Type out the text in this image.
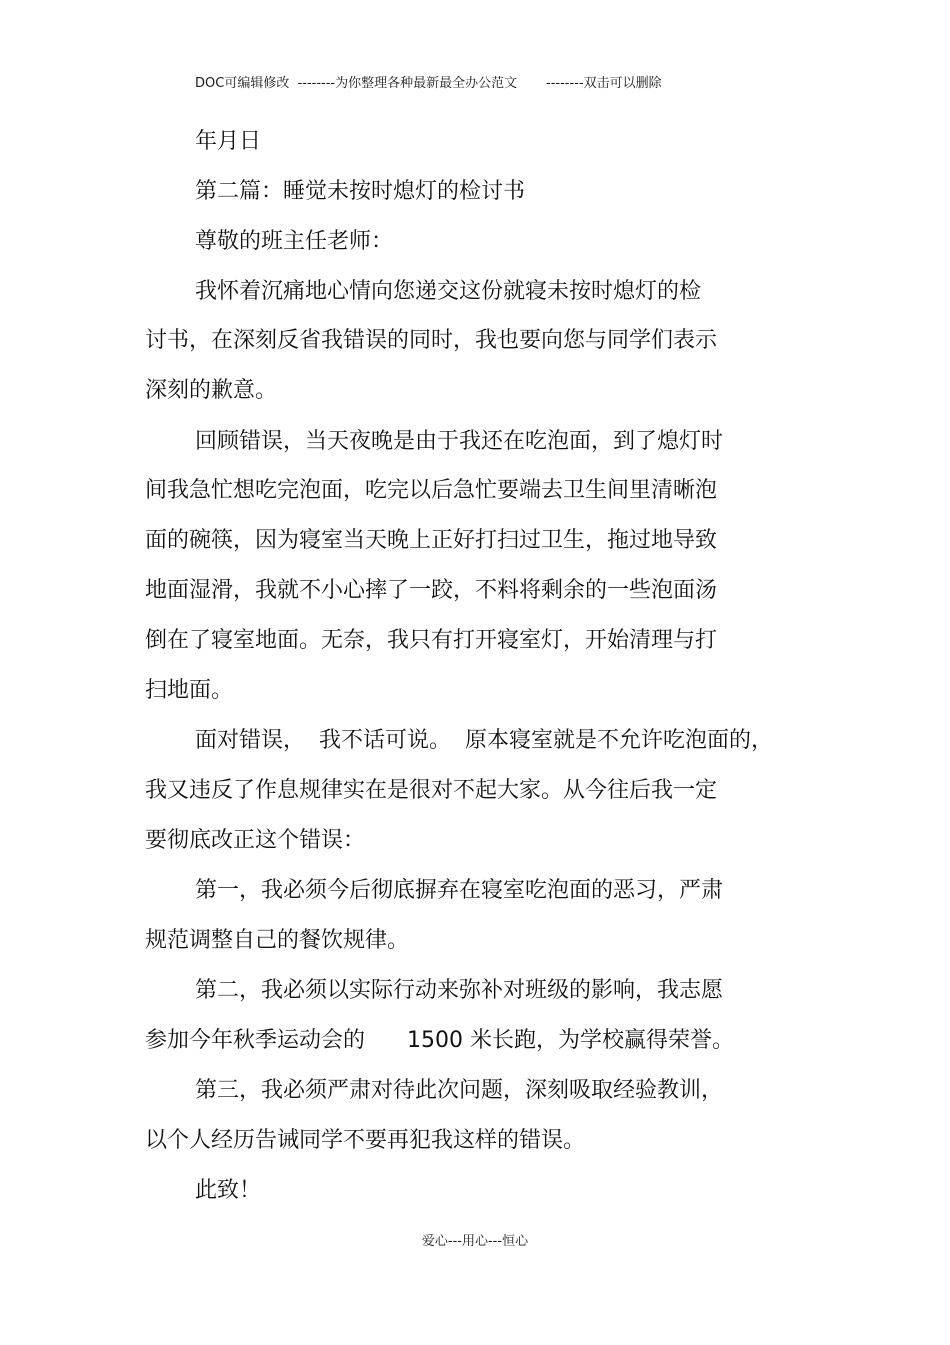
DOC可编辑修改  --------为你整理各种最新最全办公范文       --------双击可以删除
年月日
第二篇：睡觉未按时熄灯的检讨书
尊敬的班主任老师：
我怀着沉痛地心情向您递交这份就寝未按时熄灯的检
讨书，在深刻反省我错误的同时，我也要向您与同学们表示
深刻的歉意。
回顾错误，当天夜晚是由于我还在吃泡面，到了熄灯时
间我急忙想吃完泡面，吃完以后急忙要端去卫生间里清晰泡
面的碗筷，因为寝室当天晚上正好打扫过卫生，拖过地导致
地面湿滑，我就不小心摔了一跤，不料将剩余的一些泡面汤
倒在了寝室地面。无奈，我只有打开寝室灯，开始清理与打
扫地面。
面对错误，  我不话可说。  原本寝室就是不允许吃泡面的，
我又违反了作息规律实在是很对不起大家。从今往后我一定
要彻底改正这个错误：
第一，我必须今后彻底摒弃在寝室吃泡面的恶习，严肃
规范调整自己的餐饮规律。
第二，我必须以实际行动来弥补对班级的影响，我志愿
参加今年秋季运动会的      1500 米长跑，为学校赢得荣誉。
第三，我必须严肃对待此次问题，深刻吸取经验教训，
以个人经历告诫同学不要再犯我这样的错误。
此致！
爱心---用心---恒心
